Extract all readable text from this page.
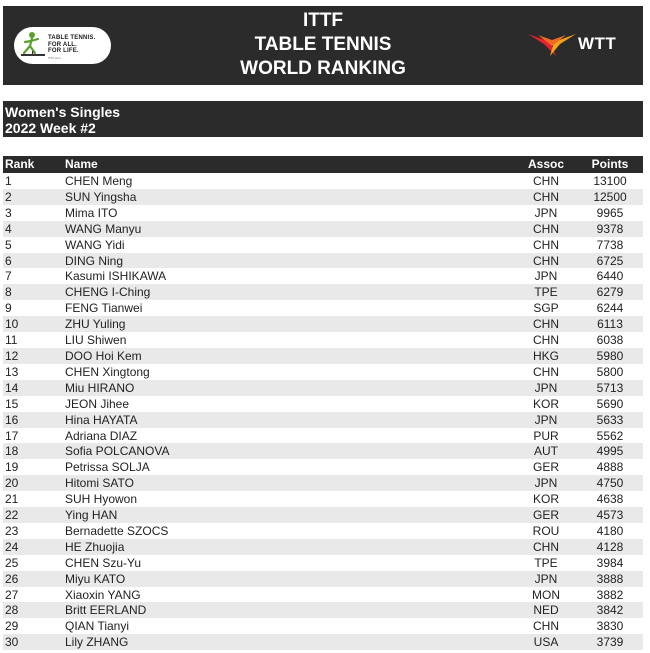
TABLE TENNIS.
FOR ALL.
FOR LIFE.
ITTF.com
ITTF
TABLE TENNIS
WORLD RANKING
WTT
Women's Singles
2022 Week #2
Rank	Name	Assoc	Points
1	CHEN Meng	CHN	13100
2	SUN Yingsha	CHN	12500
3	Mima ITO	JPN	9965
4	WANG Manyu	CHN	9378
5	WANG Yidi	CHN	7738
6	DING Ning	CHN	6725
7	Kasumi ISHIKAWA	JPN	6440
8	CHENG I-Ching	TPE	6279
9	FENG Tianwei	SGP	6244
10	ZHU Yuling	CHN	6113
11	LIU Shiwen	CHN	6038
12	DOO Hoi Kem	HKG	5980
13	CHEN Xingtong	CHN	5800
14	Miu HIRANO	JPN	5713
15	JEON Jihee	KOR	5690
16	Hina HAYATA	JPN	5633
17	Adriana DIAZ	PUR	5562
18	Sofia POLCANOVA	AUT	4995
19	Petrissa SOLJA	GER	4888
20	Hitomi SATO	JPN	4750
21	SUH Hyowon	KOR	4638
22	Ying HAN	GER	4573
23	Bernadette SZOCS	ROU	4180
24	HE Zhuojia	CHN	4128
25	CHEN Szu-Yu	TPE	3984
26	Miyu KATO	JPN	3888
27	Xiaoxin YANG	MON	3882
28	Britt EERLAND	NED	3842
29	QIAN Tianyi	CHN	3830
30	Lily ZHANG	USA	3739
